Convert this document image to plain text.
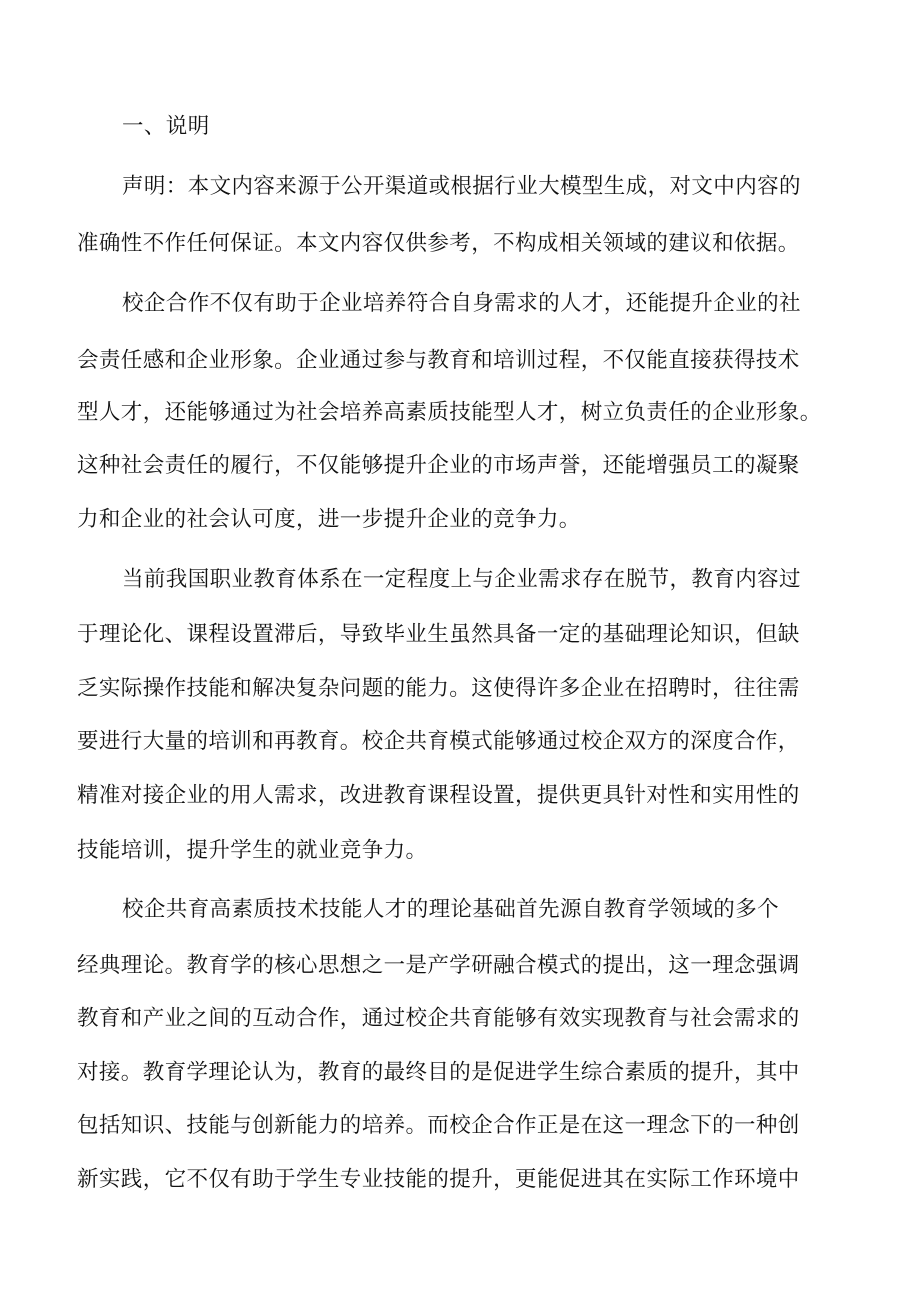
一、说明
声明：本文内容来源于公开渠道或根据行业大模型生成，对文中内容的
准确性不作任何保证。本文内容仅供参考，不构成相关领域的建议和依据。
校企合作不仅有助于企业培养符合自身需求的人才，还能提升企业的社
会责任感和企业形象。企业通过参与教育和培训过程，不仅能直接获得技术
型人才，还能够通过为社会培养高素质技能型人才，树立负责任的企业形象。
这种社会责任的履行，不仅能够提升企业的市场声誉，还能增强员工的凝聚
力和企业的社会认可度，进一步提升企业的竞争力。
当前我国职业教育体系在一定程度上与企业需求存在脱节，教育内容过
于理论化、课程设置滞后，导致毕业生虽然具备一定的基础理论知识，但缺
乏实际操作技能和解决复杂问题的能力。这使得许多企业在招聘时，往往需
要进行大量的培训和再教育。校企共育模式能够通过校企双方的深度合作，
精准对接企业的用人需求，改进教育课程设置，提供更具针对性和实用性的
技能培训，提升学生的就业竞争力。
校企共育高素质技术技能人才的理论基础首先源自教育学领域的多个
经典理论。教育学的核心思想之一是产学研融合模式的提出，这一理念强调
教育和产业之间的互动合作，通过校企共育能够有效实现教育与社会需求的
对接。教育学理论认为，教育的最终目的是促进学生综合素质的提升，其中
包括知识、技能与创新能力的培养。而校企合作正是在这一理念下的一种创
新实践，它不仅有助于学生专业技能的提升，更能促进其在实际工作环境中
